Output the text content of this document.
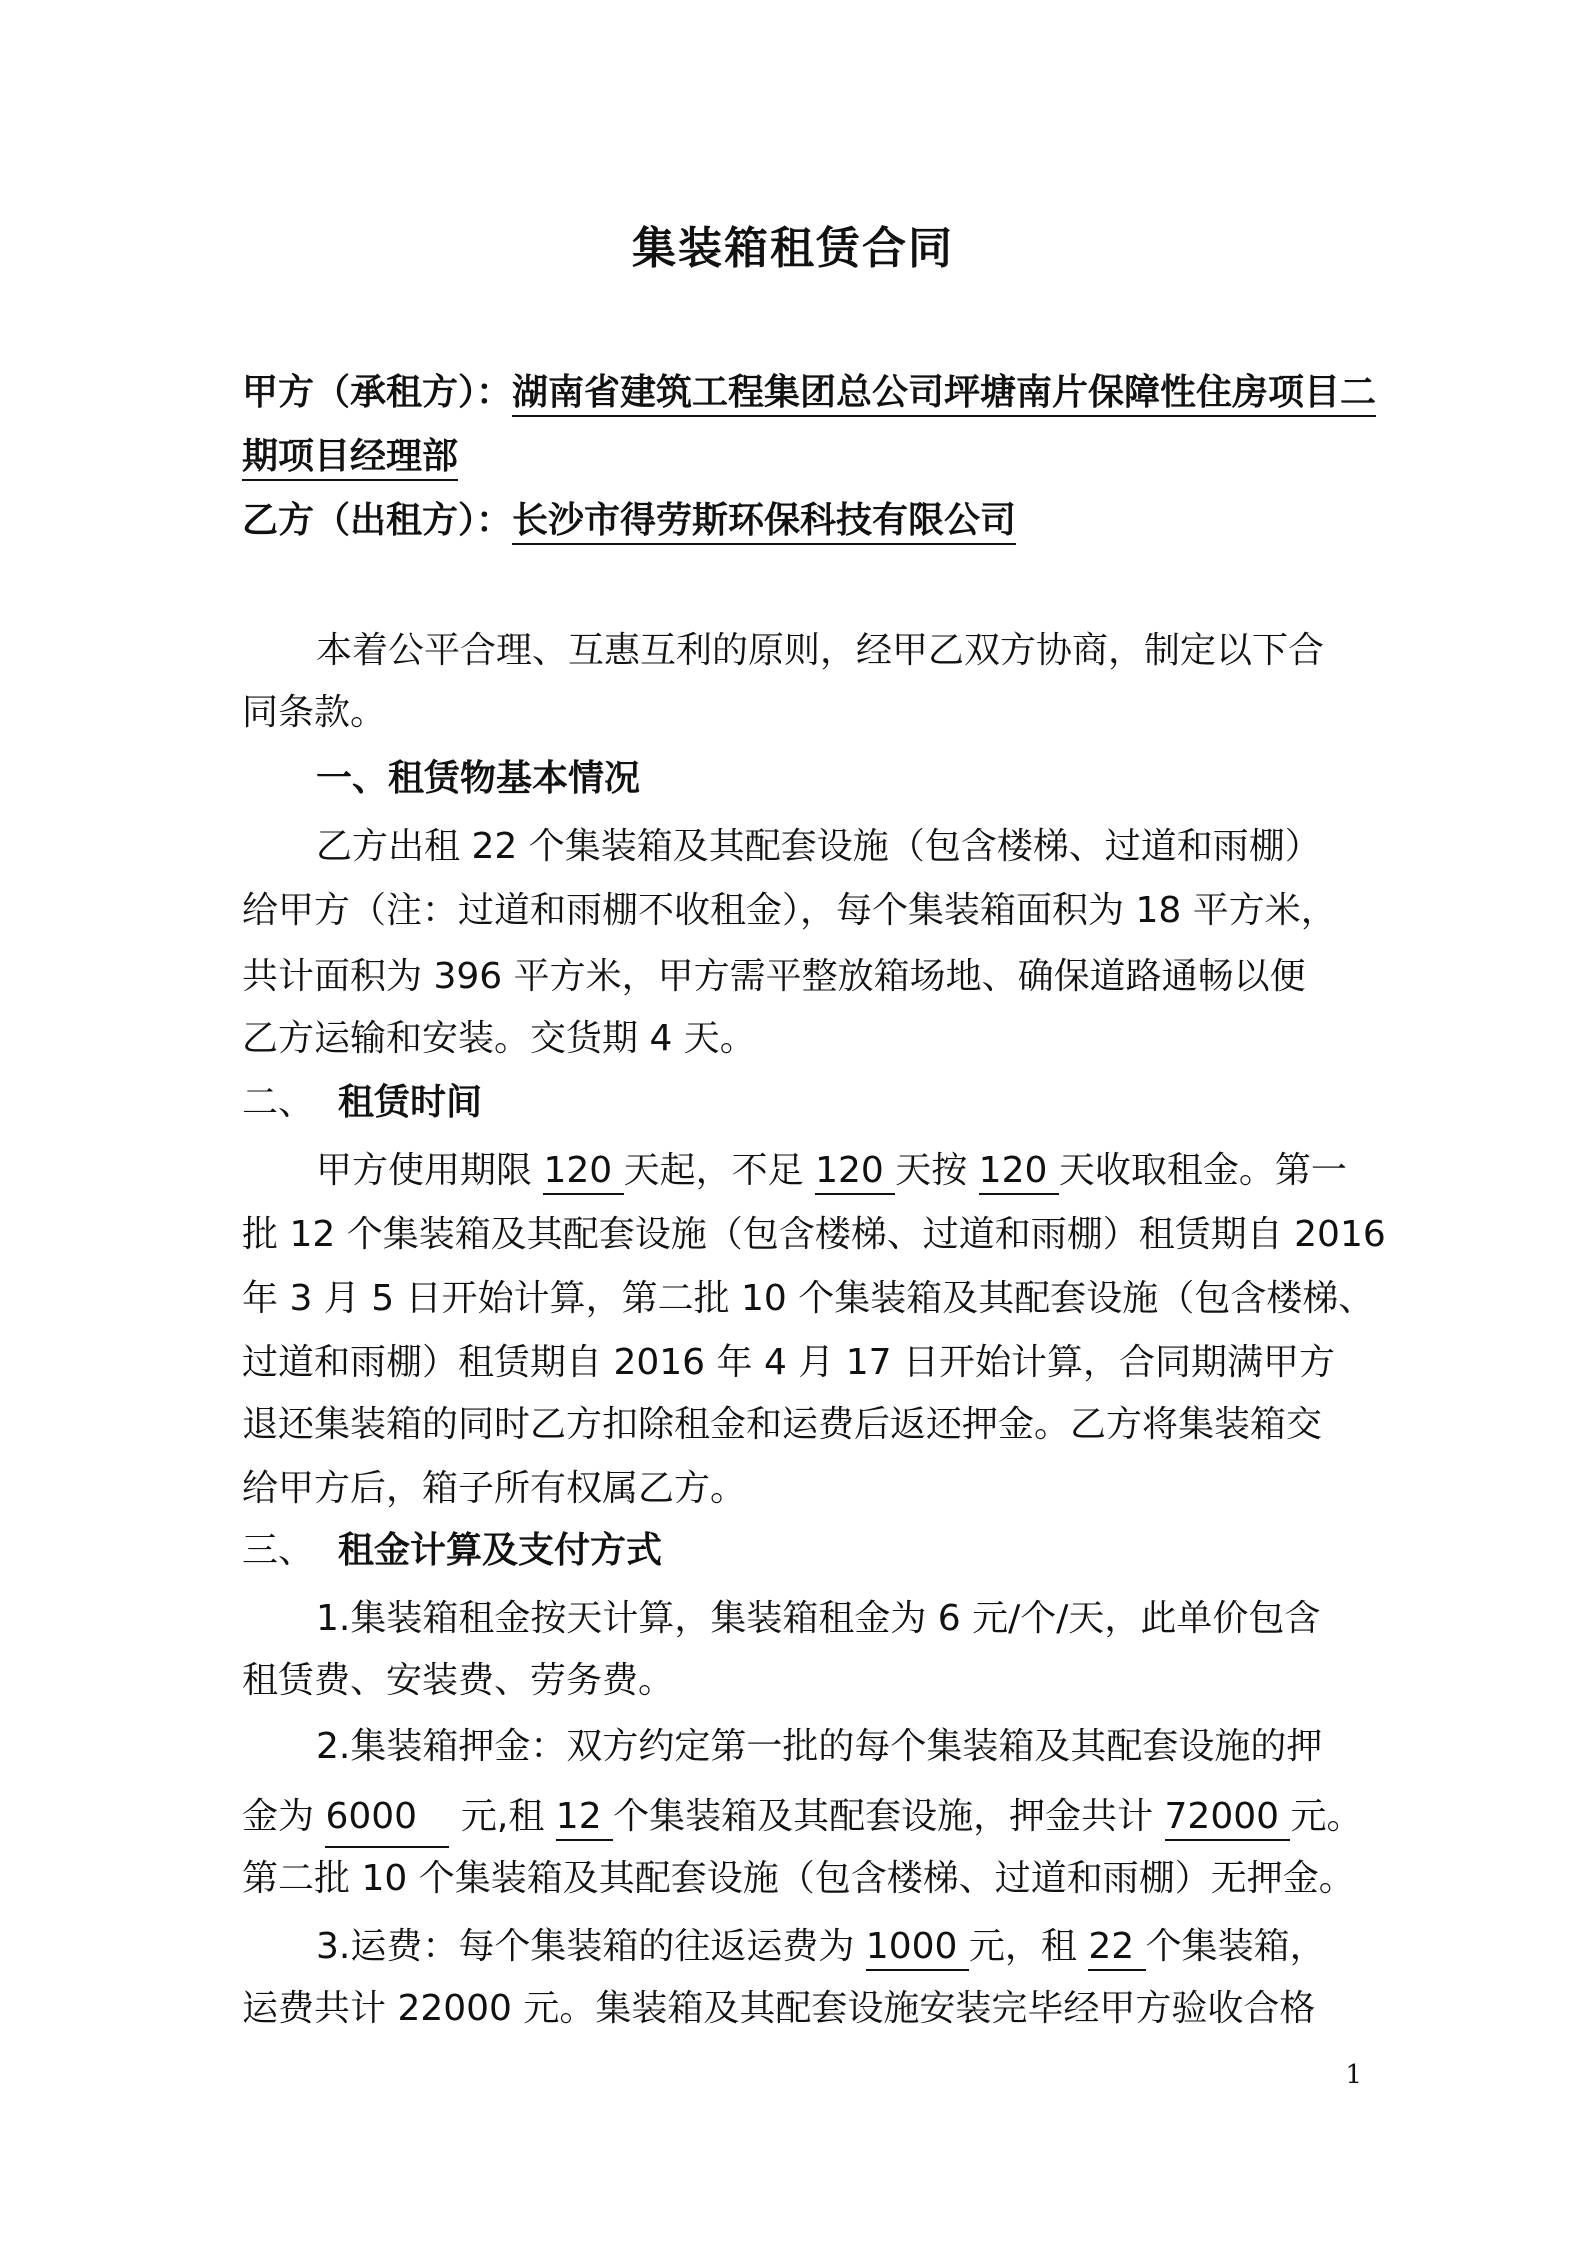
集装箱租赁合同
甲方（承租方）：湖南省建筑工程集团总公司坪塘南片保障性住房项目二
期项目经理部
乙方（出租方）：长沙市得劳斯环保科技有限公司
本着公平合理、互惠互利的原则，经甲乙双方协商，制定以下合
同条款。
一、租赁物基本情况
乙方出租 22 个集装箱及其配套设施（包含楼梯、过道和雨棚）
给甲方（注：过道和雨棚不收租金），每个集装箱面积为 18 平方米，
共计面积为 396 平方米，甲方需平整放箱场地、确保道路通畅以便
乙方运输和安装。交货期 4 天。
二、 租赁时间
甲方使用期限 120 天起，不足 120 天按 120 天收取租金。第一
批 12 个集装箱及其配套设施（包含楼梯、过道和雨棚）租赁期自 2016
年 3 月 5 日开始计算，第二批 10 个集装箱及其配套设施（包含楼梯、
过道和雨棚）租赁期自 2016 年 4 月 17 日开始计算，合同期满甲方
退还集装箱的同时乙方扣除租金和运费后返还押金。乙方将集装箱交
给甲方后，箱子所有权属乙方。
三、 租金计算及支付方式
1.集装箱租金按天计算，集装箱租金为 6 元/个/天，此单价包含
租赁费、安装费、劳务费。
2.集装箱押金：双方约定第一批的每个集装箱及其配套设施的押
金为 6000 元,租 12 个集装箱及其配套设施，押金共计 72000 元。
第二批 10 个集装箱及其配套设施（包含楼梯、过道和雨棚）无押金。
3.运费：每个集装箱的往返运费为 1000 元，租 22 个集装箱，
运费共计 22000 元。集装箱及其配套设施安装完毕经甲方验收合格
1
